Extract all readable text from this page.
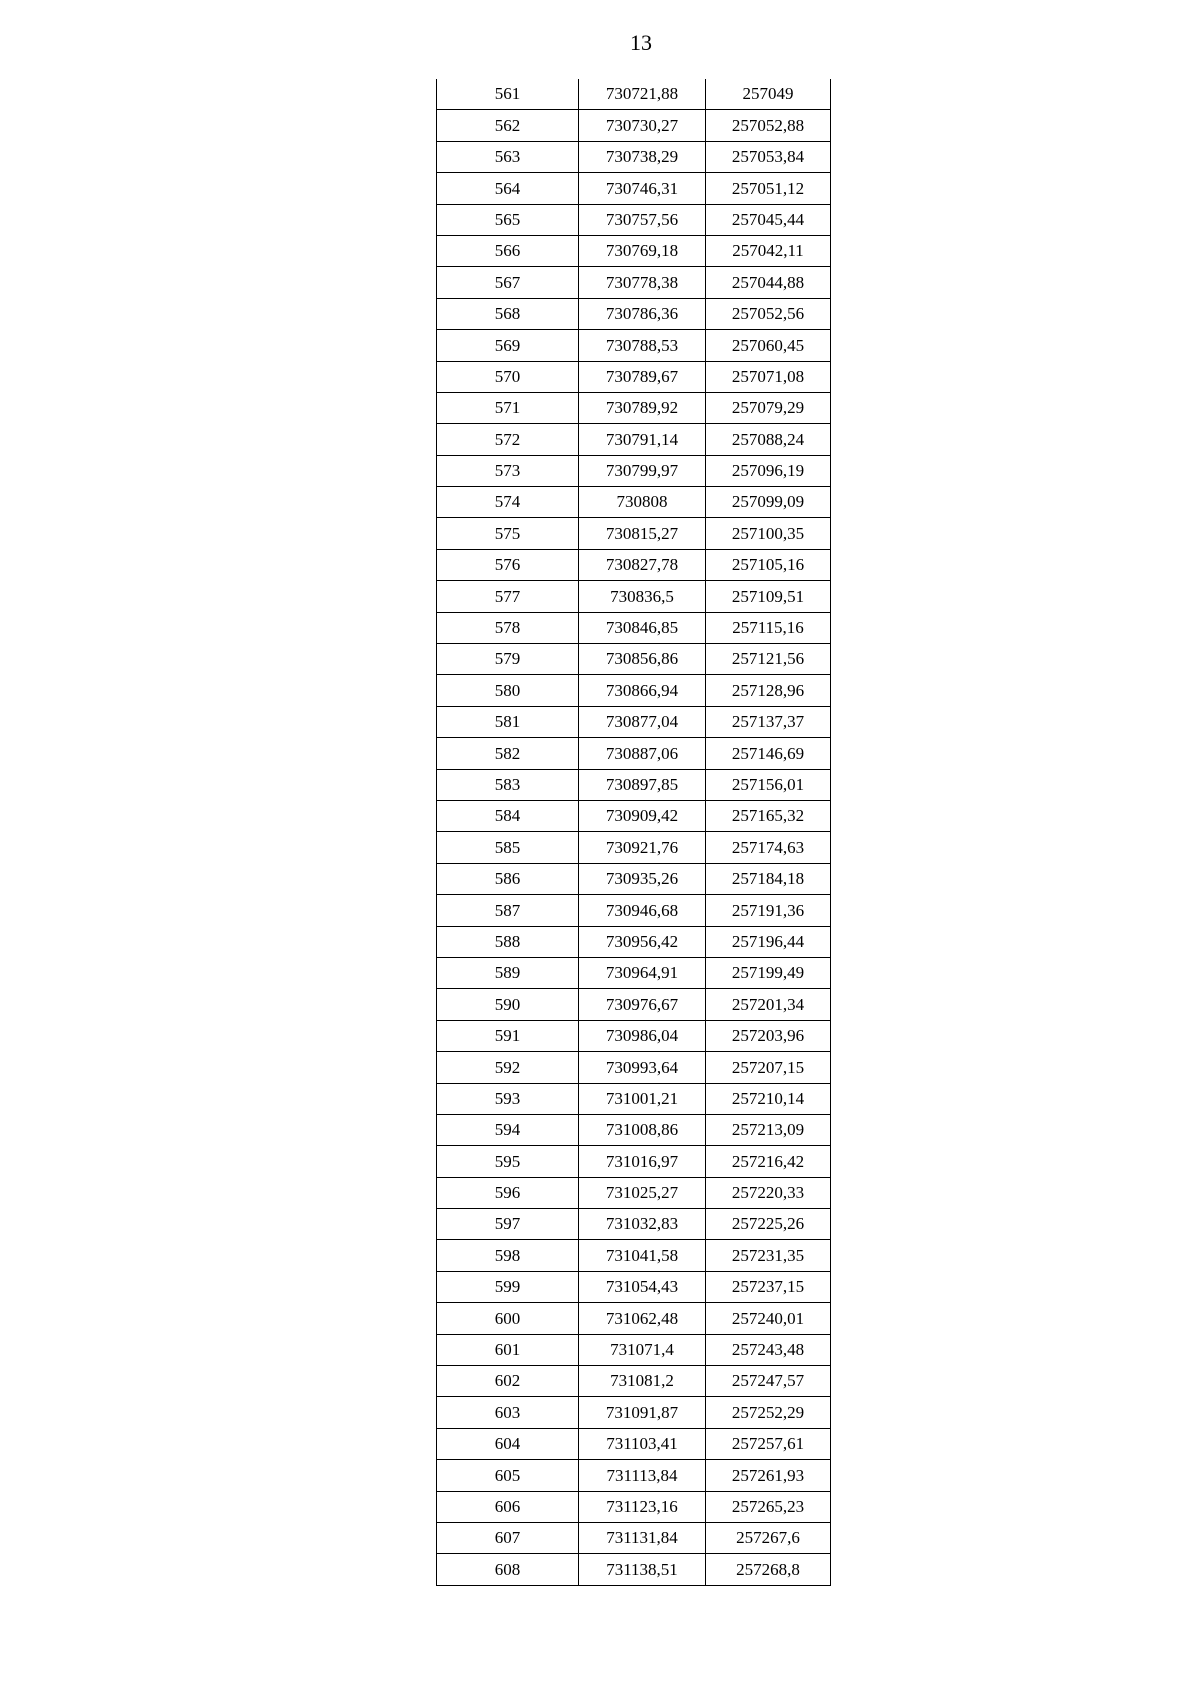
13
561	730721,88	257049
562	730730,27	257052,88
563	730738,29	257053,84
564	730746,31	257051,12
565	730757,56	257045,44
566	730769,18	257042,11
567	730778,38	257044,88
568	730786,36	257052,56
569	730788,53	257060,45
570	730789,67	257071,08
571	730789,92	257079,29
572	730791,14	257088,24
573	730799,97	257096,19
574	730808	257099,09
575	730815,27	257100,35
576	730827,78	257105,16
577	730836,5	257109,51
578	730846,85	257115,16
579	730856,86	257121,56
580	730866,94	257128,96
581	730877,04	257137,37
582	730887,06	257146,69
583	730897,85	257156,01
584	730909,42	257165,32
585	730921,76	257174,63
586	730935,26	257184,18
587	730946,68	257191,36
588	730956,42	257196,44
589	730964,91	257199,49
590	730976,67	257201,34
591	730986,04	257203,96
592	730993,64	257207,15
593	731001,21	257210,14
594	731008,86	257213,09
595	731016,97	257216,42
596	731025,27	257220,33
597	731032,83	257225,26
598	731041,58	257231,35
599	731054,43	257237,15
600	731062,48	257240,01
601	731071,4	257243,48
602	731081,2	257247,57
603	731091,87	257252,29
604	731103,41	257257,61
605	731113,84	257261,93
606	731123,16	257265,23
607	731131,84	257267,6
608	731138,51	257268,8
